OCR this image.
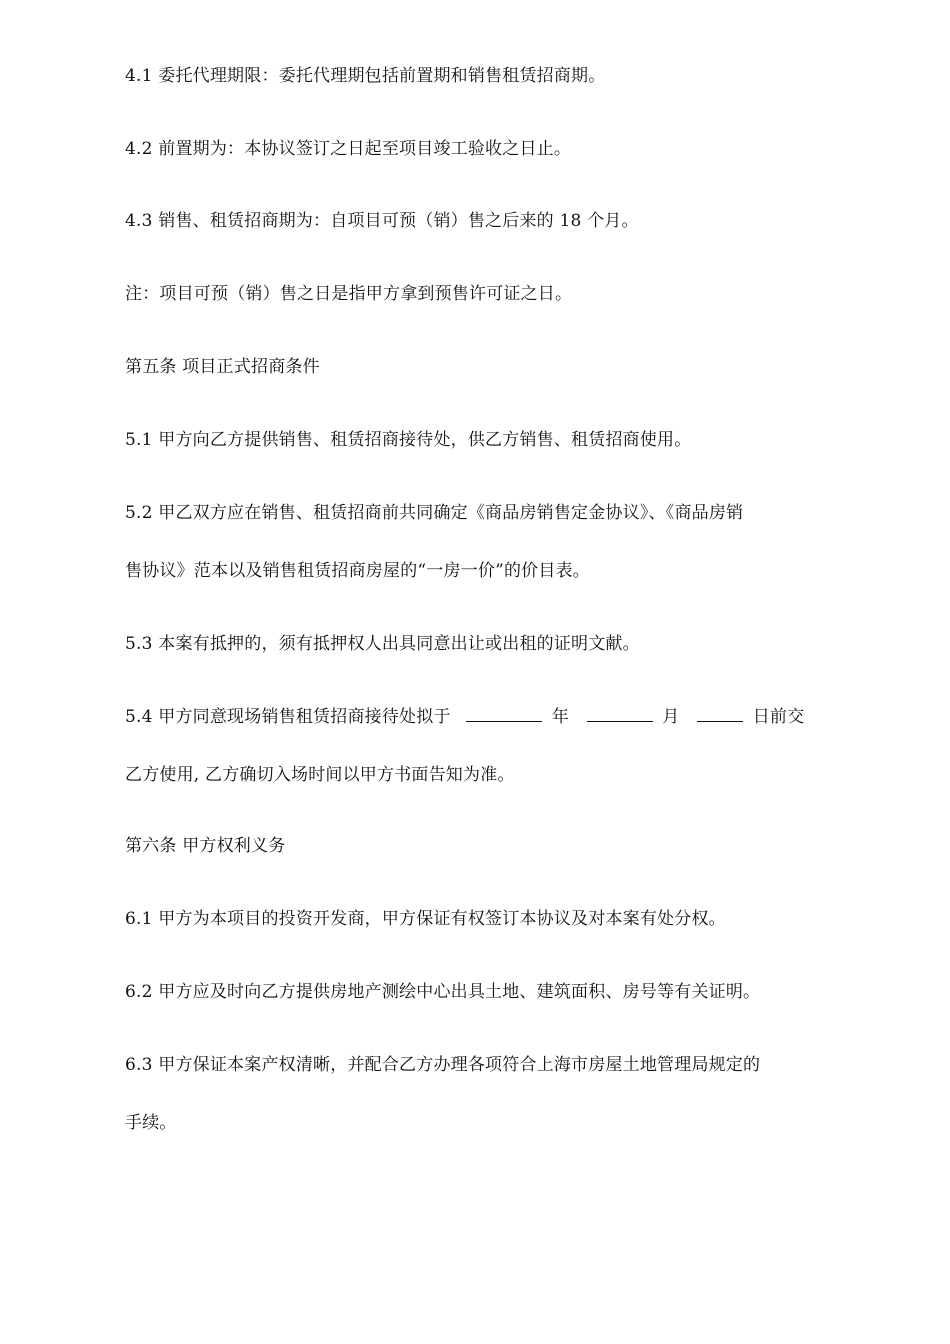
4.1 委托代理期限：委托代理期包括前置期和销售租赁招商期。
4.2 前置期为：本协议签订之日起至项目竣工验收之日止。
4.3 销售、租赁招商期为：自项目可预（销）售之后来的 18 个月。
注：项目可预（销）售之日是指甲方拿到预售许可证之日。
第五条 项目正式招商条件
5.1 甲方向乙方提供销售、租赁招商接待处，供乙方销售、租赁招商使用。
5.2 甲乙双方应在销售、租赁招商前共同确定《商品房销售定金协议》、《商品房销
售协议》范本以及销售租赁招商房屋的“一房一价”的价目表。
5.3 本案有抵押的，须有抵押权人出具同意出让或出租的证明文献。
5.4 甲方同意现场销售租赁招商接待处拟于	年	月	日前交
乙方使用, 乙方确切入场时间以甲方书面告知为准。
第六条 甲方权利义务
6.1 甲方为本项目的投资开发商，甲方保证有权签订本协议及对本案有处分权。
6.2 甲方应及时向乙方提供房地产测绘中心出具土地、建筑面积、房号等有关证明。
6.3 甲方保证本案产权清晰，并配合乙方办理各项符合上海市房屋土地管理局规定的
手续。
